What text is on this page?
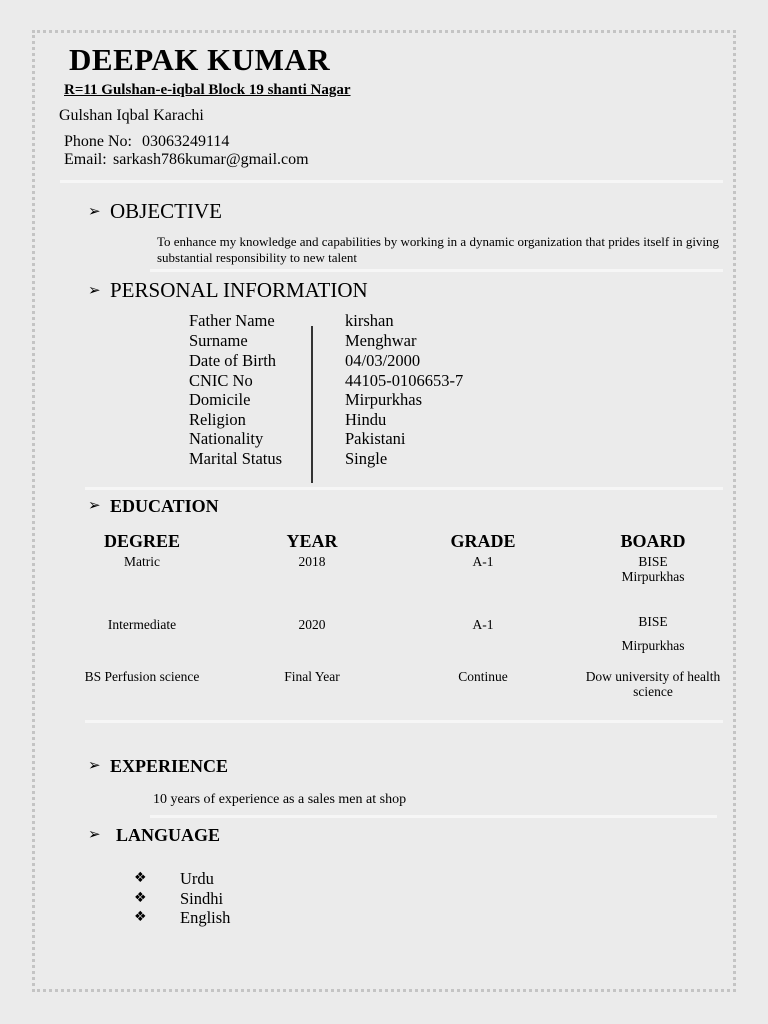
DEEPAK KUMAR
R=11 Gulshan-e-iqbal Block 19 shanti Nagar
Gulshan Iqbal Karachi
Phone No: 03063249114
Email: sarkash786kumar@gmail.com
➢ OBJECTIVE
To enhance my knowledge and capabilities by working in a dynamic organization that prides itself in giving substantial responsibility to new talent
➢ PERSONAL INFORMATION
Father Name	kirshan
Surname	Menghwar
Date of Birth	04/03/2000
CNIC No	44105-0106653-7
Domicile	Mirpurkhas
Religion	Hindu
Nationality	Pakistani
Marital Status	Single
➢ EDUCATION
DEGREE	YEAR	GRADE	BOARD
Matric	2018	A-1	BISE
Mirpurkhas
Intermediate	2020	A-1	BISE

Mirpurkhas
BS Perfusion science	Final Year	Continue	Dow university of health science
➢ EXPERIENCE
10 years of experience as a sales men at shop
➢ LANGUAGE
❖ Urdu
❖ Sindhi
❖ English
